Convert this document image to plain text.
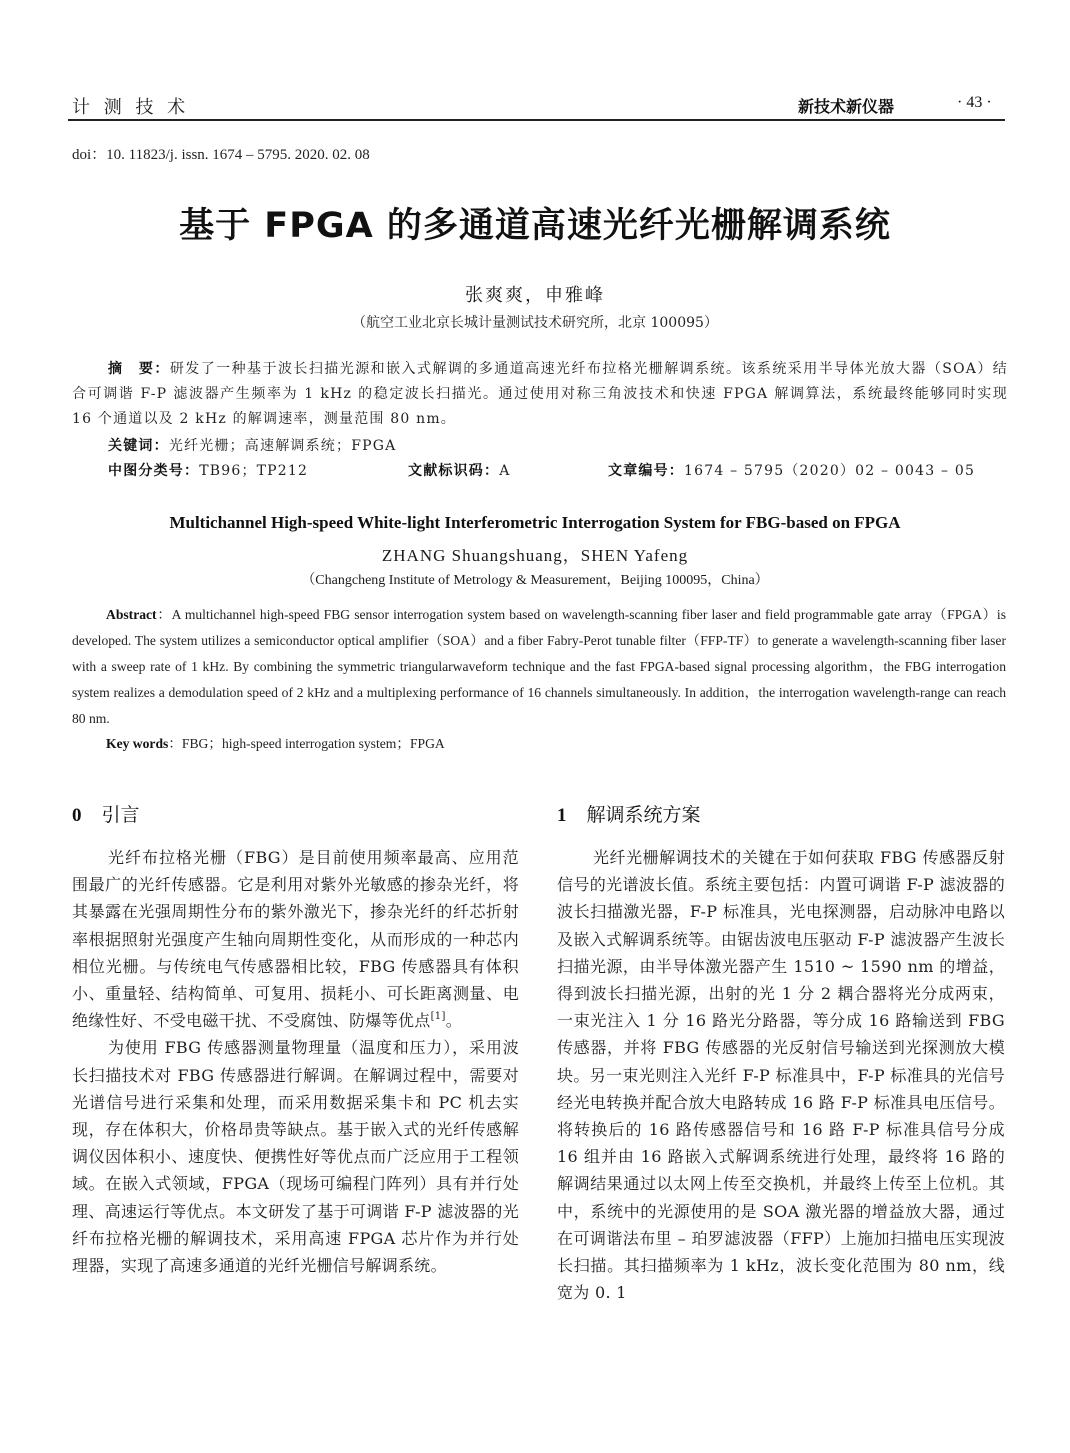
计 测 技 术	新技术新仪器	· 43 ·
doi：10. 11823/j. issn. 1674 – 5795. 2020. 02. 08
基于 FPGA 的多通道高速光纤光栅解调系统
张爽爽，申雅峰
（航空工业北京长城计量测试技术研究所，北京 100095）
摘　要：研发了一种基于波长扫描光源和嵌入式解调的多通道高速光纤布拉格光栅解调系统。该系统采用半导体光放大器（SOA）结合可调谐 F-P 滤波器产生频率为 1 kHz 的稳定波长扫描光。通过使用对称三角波技术和快速 FPGA 解调算法，系统最终能够同时实现 16 个通道以及 2 kHz 的解调速率，测量范围 80 nm。
关键词：光纤光栅；高速解调系统；FPGA
中图分类号：TB96；TP212	文献标识码：A	文章编号：1674 – 5795（2020）02 – 0043 – 05
Multichannel High-speed White-light Interferometric Interrogation System for FBG-based on FPGA
ZHANG Shuangshuang，SHEN Yafeng
（Changcheng Institute of Metrology & Measurement，Beijing 100095，China）
Abstract：A multichannel high-speed FBG sensor interrogation system based on wavelength-scanning fiber laser and field programmable gate array（FPGA）is developed. The system utilizes a semiconductor optical amplifier（SOA）and a fiber Fabry-Perot tunable filter（FFP-TF）to generate a wavelength-scanning fiber laser with a sweep rate of 1 kHz. By combining the symmetric triangularwaveform technique and the fast FPGA-based signal processing algorithm，the FBG interrogation system realizes a demodulation speed of 2 kHz and a multiplexing performance of 16 channels simultaneously. In addition，the interrogation wavelength-range can reach 80 nm.
Key words：FBG；high-speed interrogation system；FPGA
0 引言	1 解调系统方案

光纤布拉格光栅（FBG）是目前使用频率最高、应用范围最广的光纤传感器。它是利用对紫外光敏感的掺杂光纤，将其暴露在光强周期性分布的紫外激光下，掺杂光纤的纤芯折射率根据照射光强度产生轴向周期性变化，从而形成的一种芯内相位光栅。与传统电气传感器相比较，FBG 传感器具有体积小、重量轻、结构简单、可复用、损耗小、可长距离测量、电绝缘性好、不受电磁干扰、不受腐蚀、防爆等优点[1]。

为使用 FBG 传感器测量物理量（温度和压力），采用波长扫描技术对 FBG 传感器进行解调。在解调过程中，需要对光谱信号进行采集和处理，而采用数据采集卡和 PC 机去实现，存在体积大，价格昂贵等缺点。基于嵌入式的光纤传感解调仪因体积小、速度快、便携性好等优点而广泛应用于工程领域。在嵌入式领域，FPGA（现场可编程门阵列）具有并行处理、高速运行等优点。本文研发了基于可调谐 F-P 滤波器的光纤布拉格光栅的解调技术，采用高速 FPGA 芯片作为并行处理器，实现了高速多通道的光纤光栅信号解调系统。

光纤光栅解调技术的关键在于如何获取 FBG 传感器反射信号的光谱波长值。系统主要包括：内置可调谐 F-P 滤波器的波长扫描激光器，F-P 标准具，光电探测器，启动脉冲电路以及嵌入式解调系统等。由锯齿波电压驱动 F-P 滤波器产生波长扫描光源，由半导体激光器产生 1510 ~ 1590 nm 的增益，得到波长扫描光源，出射的光 1 分 2 耦合器将光分成两束，一束光注入 1 分 16 路光分路器，等分成 16 路输送到 FBG 传感器，并将 FBG 传感器的光反射信号输送到光探测放大模块。另一束光则注入光纤 F-P 标准具中，F-P 标准具的光信号经光电转换并配合放大电路转成 16 路 F-P 标准具电压信号。将转换后的 16 路传感器信号和 16 路 F-P 标准具信号分成 16 组并由 16 路嵌入式解调系统进行处理，最终将 16 路的解调结果通过以太网上传至交换机，并最终上传至上位机。其中，系统中的光源使用的是 SOA 激光器的增益放大器，通过在可调谐法布里 – 珀罗滤波器（FFP）上施加扫描电压实现波长扫描。其扫描频率为 1 kHz，波长变化范围为 80 nm，线宽为 0. 1
